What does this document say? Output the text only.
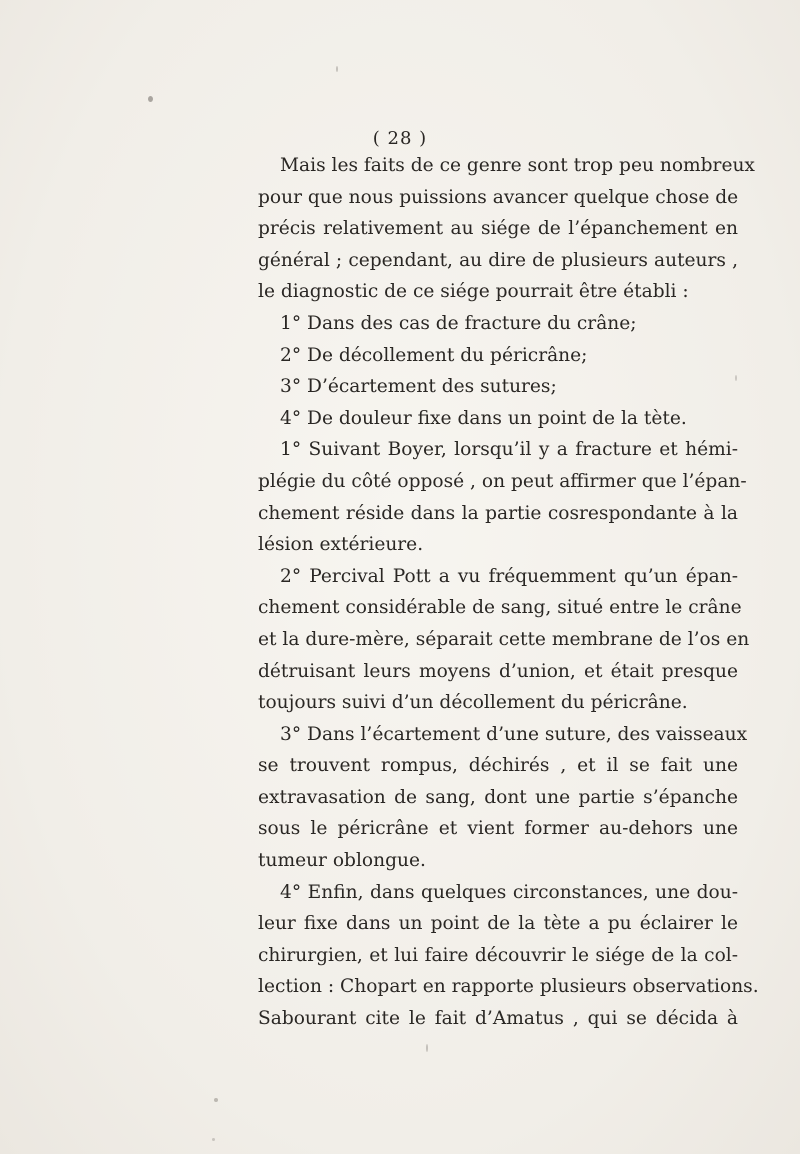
( 28 )
Mais les faits de ce genre sont trop peu nombreux
pour que nous puissions avancer quelque chose de
précis relativement au siége de l’épanchement en
général ; cependant, au dire de plusieurs auteurs ,
le diagnostic de ce siége pourrait être établi :
1° Dans des cas de fracture du crâne;
2° De décollement du péricrâne;
3° D’écartement des sutures;
4° De douleur fixe dans un point de la tète.
1° Suivant Boyer, lorsqu’il y a fracture et hémi-
plégie du côté opposé , on peut affirmer que l’épan-
chement réside dans la partie cosrespondante à la
lésion extérieure.
2° Percival Pott a vu fréquemment qu’un épan-
chement considérable de sang, situé entre le crâne
et la dure-mère, séparait cette membrane de l’os en
détruisant leurs moyens d’union, et était presque
toujours suivi d’un décollement du péricrâne.
3° Dans l’écartement d’une suture, des vaisseaux
se trouvent rompus, déchirés , et il se fait une
extravasation de sang, dont une partie s’épanche
sous le péricrâne et vient former au-dehors une
tumeur oblongue.
4° Enfin, dans quelques circonstances, une dou-
leur fixe dans un point de la tète a pu éclairer le
chirurgien, et lui faire découvrir le siége de la col-
lection : Chopart en rapporte plusieurs observations.
Sabourant cite le fait d’Amatus , qui se décida à
